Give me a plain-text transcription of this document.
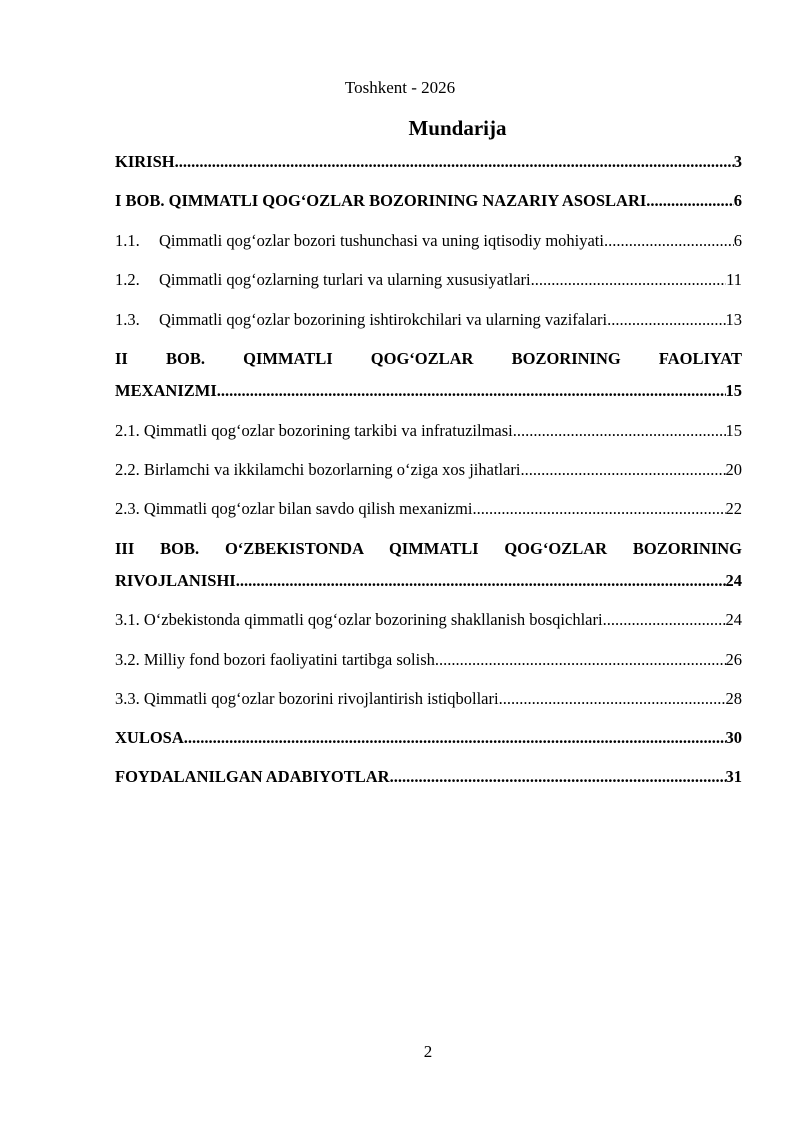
Toshkent - 2026
Mundarija
KIRISH .....	3
I BOB. QIMMATLI QOG‘OZLAR BOZORINING NAZARIY ASOSLARI .....	6
1.1. Qimmatli qog‘ozlar bozori tushunchasi va uning iqtisodiy mohiyati .....	6
1.2. Qimmatli qog‘ozlarning turlari va ularning xususiyatlari .....	11
1.3. Qimmatli qog‘ozlar bozorining ishtirokchilari va ularning vazifalari .....	13
II BOB. QIMMATLI QOG‘OZLAR BOZORINING FAOLIYAT
MEXANIZMI .....	15
2.1. Qimmatli qog‘ozlar bozorining tarkibi va infratuzilmasi .....	15
2.2. Birlamchi va ikkilamchi bozorlarning o‘ziga xos jihatlari .....	20
2.3. Qimmatli qog‘ozlar bilan savdo qilish mexanizmi .....	22
III BOB. O‘ZBEKISTONDA QIMMATLI QOG‘OZLAR BOZORINING
RIVOJLANISHI .....	24
3.1. O‘zbekistonda qimmatli qog‘ozlar bozorining shakllanish bosqichlari .....	24
3.2. Milliy fond bozori faoliyatini tartibga solish .....	26
3.3. Qimmatli qog‘ozlar bozorini rivojlantirish istiqbollari .....	28
XULOSA .....	30
FOYDALANILGAN ADABIYOTLAR .....	31
2
